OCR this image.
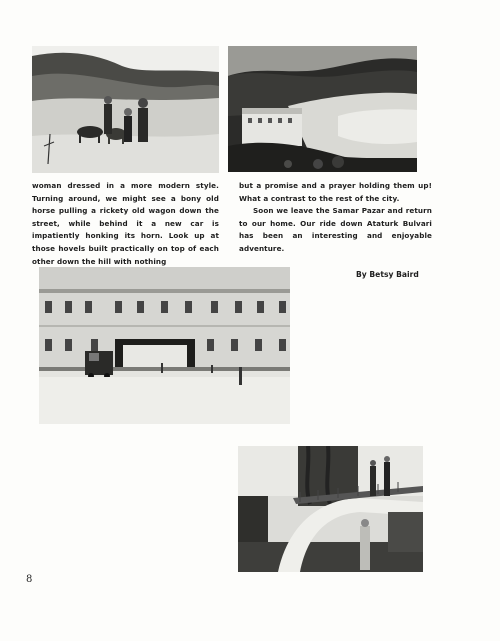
woman dressed in a more modern style. Turning around, we might see a bony old horse pulling a rickety old wagon down the street, while behind it a new car is impatiently honking its horn. Look up at those hovels built practically on top of each other down the hill with nothing

but a promise and a prayer holding them up! What a contrast to the rest of the city.

Soon we leave the Samar Pazar and return to our home. Our ride down Ataturk Bulvari has been an interesting and enjoyable adventure.

By Betsy Baird
8
